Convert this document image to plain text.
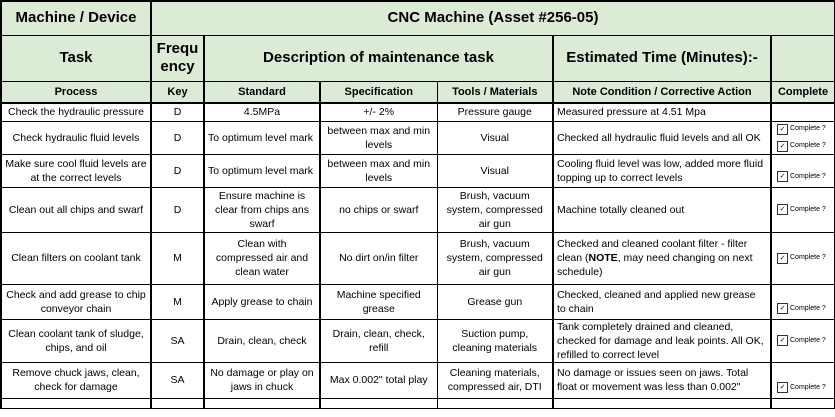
Machine / Device	CNC Machine (Asset #256-05)					
Task	Frequency	Description of maintenance task			Estimated Time (Minutes):-	
Process	Key	Standard	Specification	Tools / Materials	Note Condition / Corrective Action	Complete
Check the hydraulic pressure	D	4.5MPa	+/- 2%	Pressure gauge	Measured pressure at 4.51 Mpa	
Check hydraulic fluid levels	D	To optimum level mark	between max and min levels	Visual	Checked all hydraulic fluid levels and all OK	✓ Complete ?
✓ Complete ?

Make sure cool fluid levels are at the correct levels	D	To optimum level mark	between max and min levels	Visual	Cooling fluid level was low, added more fluid topping up to correct levels	✓ Complete ?

Clean out all chips and swarf	D	Ensure machine is clear from chips ans swarf	no chips or swarf	Brush, vacuum system, compressed air gun	Machine totally cleaned out	✓ Complete ?

Clean filters on coolant tank	M	Clean with compressed air and clean water	No dirt on/in filter	Brush, vacuum system, compressed air gun	Checked and cleaned coolant filter - filter clean (NOTE, may need changing on next schedule)	✓ Complete ?

Check and add grease to chip conveyor chain	M	Apply grease to chain	Machine specified grease	Grease gun	Checked, cleaned and applied new grease to chain	✓ Complete ?

Clean coolant tank of sludge, chips, and oil	SA	Drain, clean, check	Drain, clean, check, refill	Suction pump, cleaning materials	Tank completely drained and cleaned, checked for damage and leak points. All OK, refilled to correct level	✓ Complete ?

Remove chuck jaws, clean, check for damage	SA	No damage or play on jaws in chuck	Max 0.002" total play	Cleaning materials, compressed air, DTI	No damage or issues seen on jaws. Total float or movement was less than 0.002"	✓ Complete ?
